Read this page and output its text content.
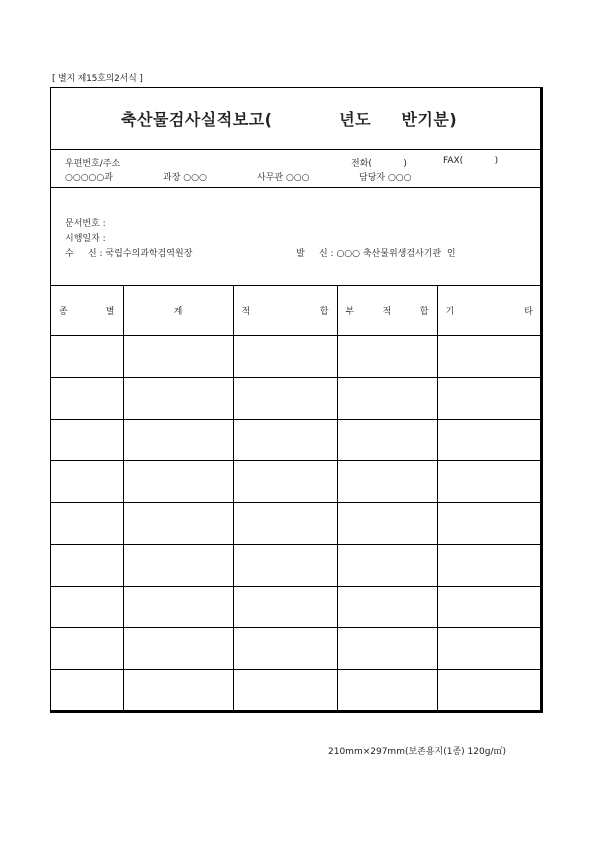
[ 별지 제15호의2서식 ]
축산물검사실적보고(           년도     반기분)
우편번호/주소	전화(           )	FAX(           )
○○○○○과	과장 ○○○	사무관 ○○○	담당자 ○○○
문서번호 :
시행일자 :
수     신 : 국립수의과학검역원장	발     신 : ○○○ 축산물위생검사기관  인
종 별	계	적 합	부 적 합	기 타

210mm×297mm(보존용지(1종) 120g/㎡)
